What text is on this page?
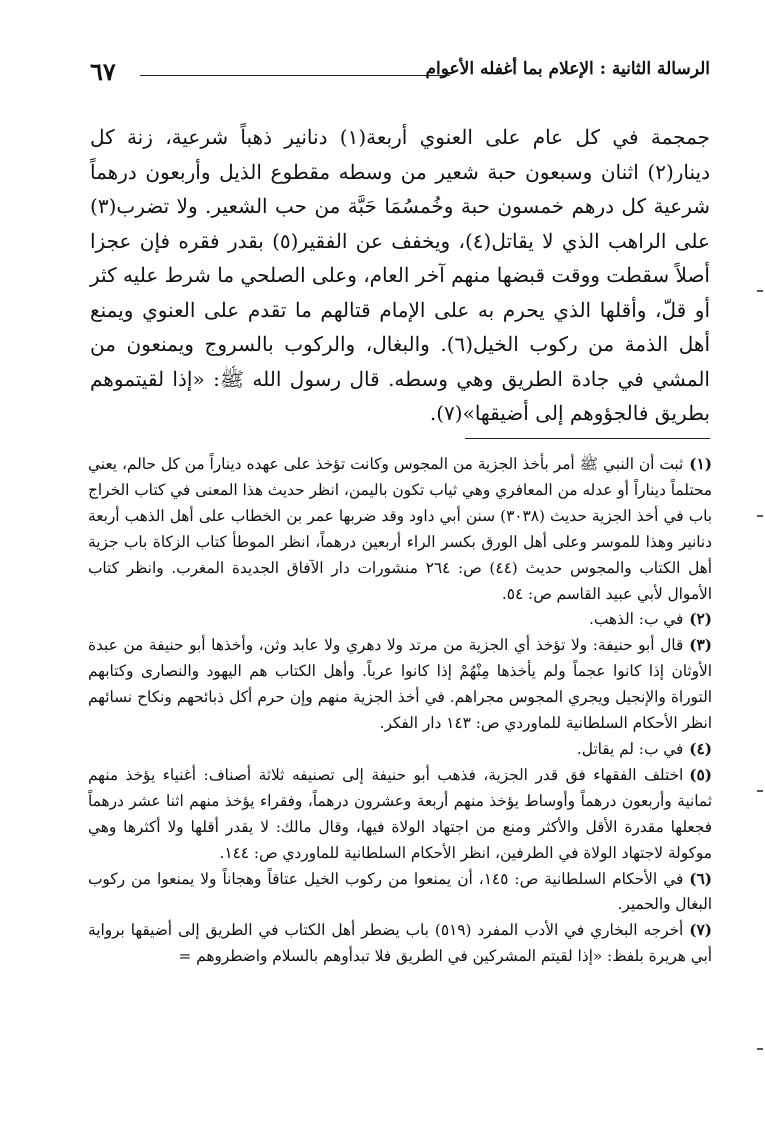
٦٧	الرسالة الثانية : الإعلام بما أغفله الأعوام

جمجمة في كل عام على العنوي أربعة(١) دنانير ذهباً شرعية، زنة كل دينار(٢) اثنان وسبعون حبة شعير من وسطه مقطوع الذيل وأربعون درهماً شرعية كل درهم خمسون حبة وخُمسُمَا حَبَّة من حب الشعير. ولا تضرب(٣) على الراهب الذي لا يقاتل(٤)، ويخفف عن الفقير(٥) بقدر فقره فإن عجزا أصلاً سقطت ووقت قبضها منهم آخر العام، وعلى الصلحي ما شرط عليه كثر أو قلّ، وأقلها الذي يحرم به على الإمام قتالهم ما تقدم على العنوي ويمنع أهل الذمة من ركوب الخيل(٦). والبغال، والركوب بالسروج ويمنعون من المشي في جادة الطريق وهي وسطه. قال رسول الله ﷺ: «إذا لقيتموهم بطريق فالجؤوهم إلى أضيقها»(٧).

(١)ثبت أن النبي ﷺ أمر بأخذ الجزية من المجوس وكانت تؤخذ على عهده ديناراً من كل حالم، يعني محتلماً ديناراً أو عدله من المعافري وهي ثياب تكون باليمن، انظر حديث هذا المعنى في كتاب الخراج باب في أخذ الجزية حديث (٣٠٣٨) سنن أبي داود وقد ضربها عمر بن الخطاب على أهل الذهب أربعة دنانير وهذا للموسر وعلى أهل الورق بكسر الراء أربعين درهماً، انظر الموطأ كتاب الزكاة باب جزية أهل الكتاب والمجوس حديث (٤٤) ص: ٢٦٤ منشورات دار الآفاق الجديدة المغرب. وانظر كتاب الأموال لأبي عبيد القاسم ص: ٥٤.

(٢)في ب: الذهب.

(٣)قال أبو حنيفة: ولا تؤخذ أي الجزية من مرتد ولا دهري ولا عابد وثن، وأخذها أبو حنيفة من عبدة الأوثان إذا كانوا عجماً ولم يأخذها مِنْهُمْ إذا كانوا عرباً. وأهل الكتاب هم اليهود والنصارى وكتابهم التوراة والإنجيل ويجري المجوس مجراهم. في أخذ الجزية منهم وإن حرم أكل ذبائحهم ونكاح نسائهم انظر الأحكام السلطانية للماوردي ص: ١٤٣ دار الفكر.

(٤)في ب: لم يقاتل.

(٥)اختلف الفقهاء فق قدر الجزية، فذهب أبو حنيفة إلى تصنيفه ثلاثة أصناف: أغنياء يؤخذ منهم ثمانية وأربعون درهماً وأوساط يؤخذ منهم أربعة وعشرون درهماً، وفقراء يؤخذ منهم اثنا عشر درهماً فجعلها مقدرة الأقل والأكثر ومنع من اجتهاد الولاة فيها، وقال مالك: لا يقدر أقلها ولا أكثرها وهي موكولة لاجتهاد الولاة في الطرفين، انظر الأحكام السلطانية للماوردي ص: ١٤٤.

(٦)في الأحكام السلطانية ص: ١٤٥، أن يمنعوا من ركوب الخيل عتاقاً وهجاناً ولا يمنعوا من ركوب البغال والحمير.

(٧)أخرجه البخاري في الأدب المفرد (٥١٩) باب يضطر أهل الكتاب في الطريق إلى أضيقها برواية أبي هريرة بلفظ: «إذا لقيتم المشركين في الطريق فلا تبدأوهم بالسلام واضطروهم =
